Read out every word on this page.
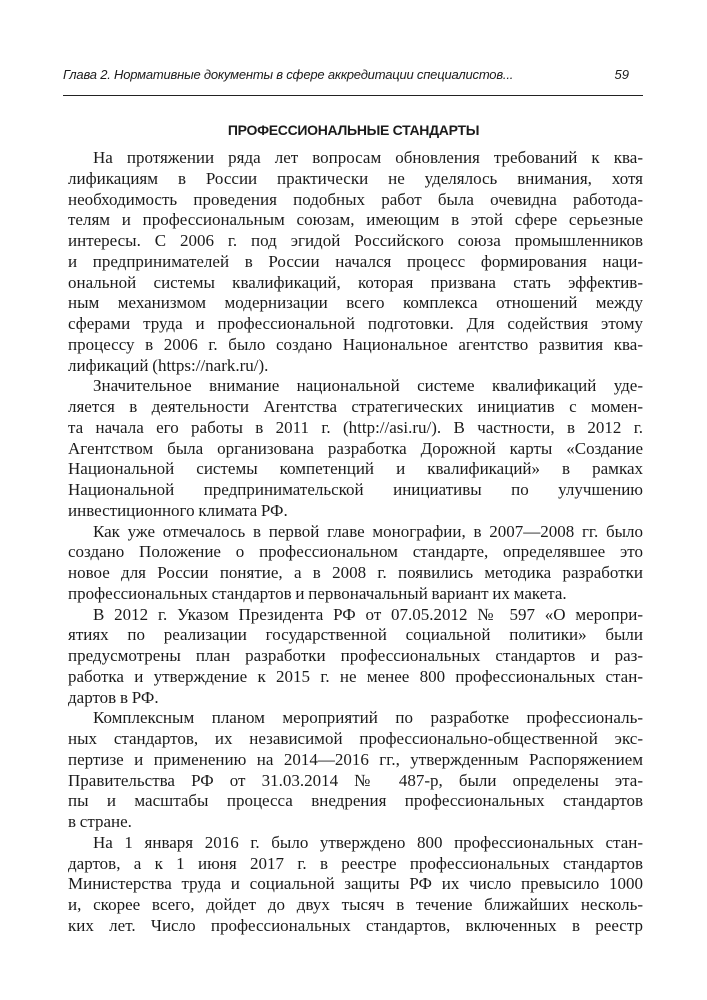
Глава 2. Нормативные документы в сфере аккредитации специалистов...	59
ПРОФЕССИОНАЛЬНЫЕ СТАНДАРТЫ
На протяжении ряда лет вопросам обновления требований к ква-
лификациям в России практически не уделялось внимания, хотя
необходимость проведения подобных работ была очевидна работода-
телям и профессиональным союзам, имеющим в этой сфере серьезные
интересы. С 2006 г. под эгидой Российского союза промышленников
и предпринимателей в России начался процесс формирования наци-
ональной системы квалификаций, которая призвана стать эффектив-
ным механизмом модернизации всего комплекса отношений между
сферами труда и профессиональной подготовки. Для содействия этому
процессу в 2006 г. было создано Национальное агентство развития ква-
лификаций (https://nark.ru/).
Значительное внимание национальной системе квалификаций уде-
ляется в деятельности Агентства стратегических инициатив с момен-
та начала его работы в 2011 г. (http://asi.ru/). В частности, в 2012 г.
Агентством была организована разработка Дорожной карты «Создание
Национальной системы компетенций и квалификаций» в рамках
Национальной предпринимательской инициативы по улучшению
инвестиционного климата РФ.
Как уже отмечалось в первой главе монографии, в 2007—2008 гг. было
создано Положение о профессиональном стандарте, определявшее это
новое для России понятие, а в 2008 г. появились методика разработки
профессиональных стандартов и первоначальный вариант их макета.
В 2012 г. Указом Президента РФ от 07.05.2012 № 597 «О меропри-
ятиях по реализации государственной социальной политики» были
предусмотрены план разработки профессиональных стандартов и раз-
работка и утверждение к 2015 г. не менее 800 профессиональных стан-
дартов в РФ.
Комплексным планом мероприятий по разработке профессиональ-
ных стандартов, их независимой профессионально-общественной экс-
пертизе и применению на 2014—2016 гг., утвержденным Распоряжением
Правительства РФ от 31.03.2014 № 487-р, были определены эта-
пы и масштабы процесса внедрения профессиональных стандартов
в стране.
На 1 января 2016 г. было утверждено 800 профессиональных стан-
дартов, а к 1 июня 2017 г. в реестре профессиональных стандартов
Министерства труда и социальной защиты РФ их число превысило 1000
и, скорее всего, дойдет до двух тысяч в течение ближайших несколь-
ких лет. Число профессиональных стандартов, включенных в реестр
